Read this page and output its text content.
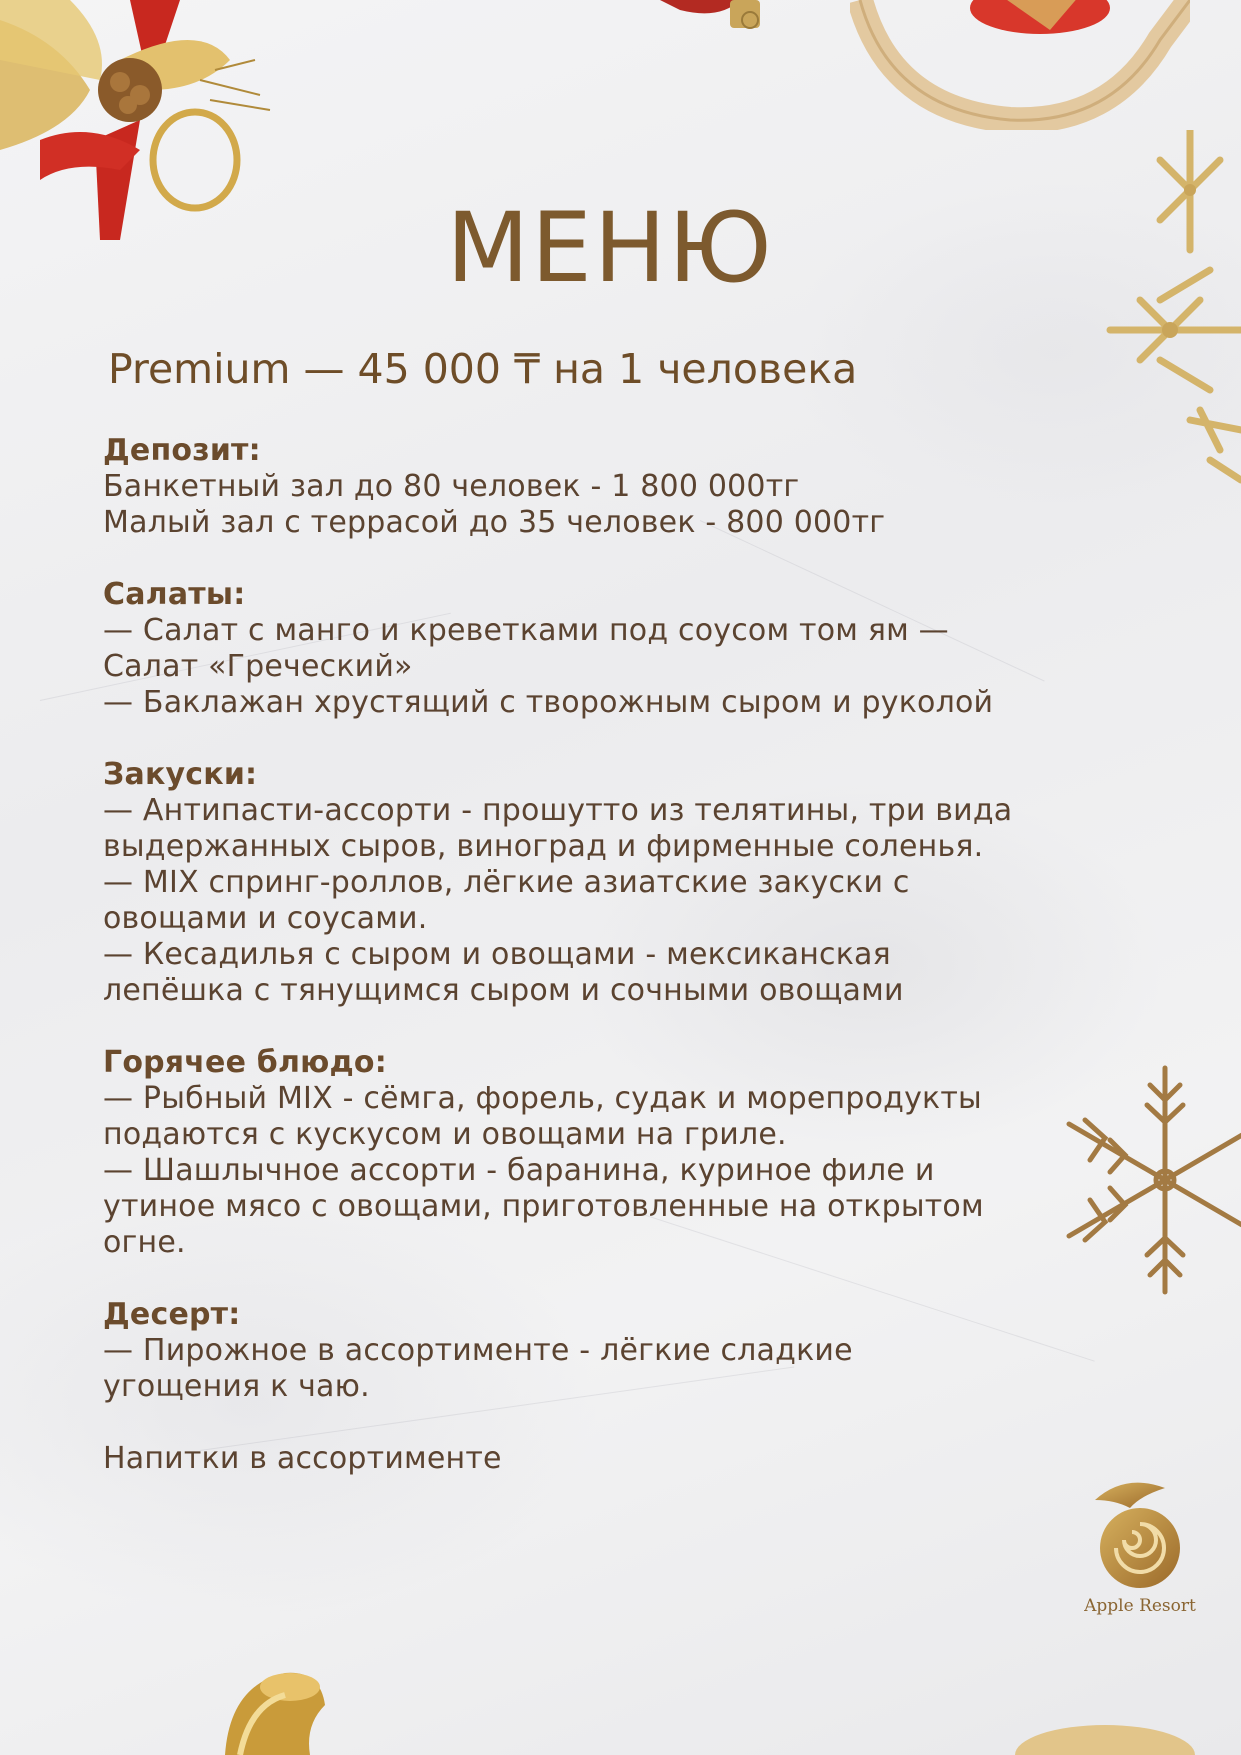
МЕНЮ

Premium — 45 000 ₸ на 1 человека

Депозит:
Банкетный зал до 80 человек - 1 800 000тг
Малый зал с террасой до 35 человек - 800 000тг
Салаты:
— Салат с манго и креветками под соусом том ям —
Салат «Греческий»
— Баклажан хрустящий с творожным сыром и руколой
Закуски:
— Антипасти-ассорти - прошутто из телятины, три вида
выдержанных сыров, виноград и фирменные соленья.
— MIX спринг-роллов, лёгкие азиатские закуски с
овощами и соусами.
— Кесадилья с сыром и овощами - мексиканская
лепёшка с тянущимся сыром и сочными овощами
Горячее блюдо:
— Рыбный MIX - сёмга, форель, судак и морепродукты
подаются с кускусом и овощами на гриле.
— Шашлычное ассорти - баранина, куриное филе и
утиное мясо с овощами, приготовленные на открытом
огне.
Десерт:
— Пирожное в ассортименте - лёгкие сладкие
угощения к чаю.
Напитки в ассортименте
Apple Resort
